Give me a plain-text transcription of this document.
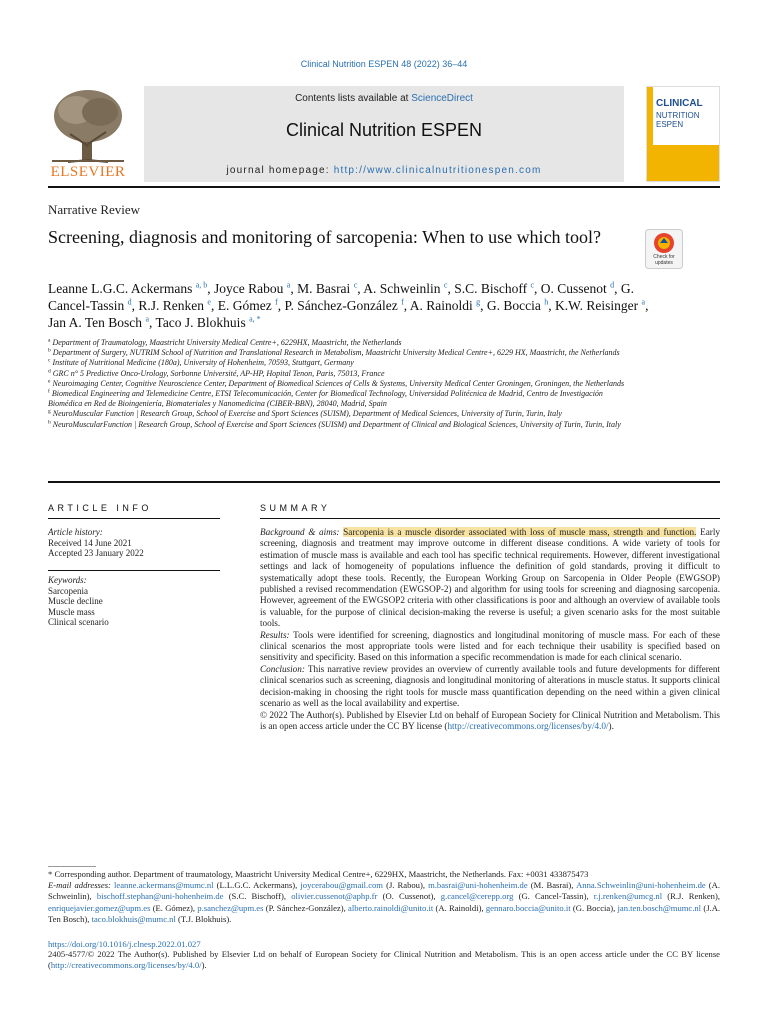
Clinical Nutrition ESPEN 48 (2022) 36–44
ELSEVIER
Contents lists available at ScienceDirect
Clinical Nutrition ESPEN
journal homepage: http://www.clinicalnutritionespen.com
CLINICAL
NUTRITION
ESPEN
Narrative Review
Screening, diagnosis and monitoring of sarcopenia: When to use which tool?
Check for updates
Leanne L.G.C. Ackermans $^{a, b}$, Joyce Rabou $^a$, M. Basrai $^c$, A. Schweinlin $^c$, S.C. Bischoff $^c$, O. Cussenot $^d$, G. Cancel-Tassin $^d$, R.J. Renken $^e$, E. Gómez $^f$, P. Sánchez-González $^f$, A. Rainoldi $^g$, G. Boccia $^h$, K.W. Reisinger $^a$, Jan A. Ten Bosch $^a$, Taco J. Blokhuis $^{a, *}$
$^a$ Department of Traumatology, Maastricht University Medical Centre+, 6229HX, Maastricht, the Netherlands
$^b$ Department of Surgery, NUTRIM School of Nutrition and Translational Research in Metabolism, Maastricht University Medical Centre+, 6229 HX, Maastricht, the Netherlands
$^c$ Institute of Nutritional Medicine (180a), University of Hohenheim, 70593, Stuttgart, Germany
$^d$ GRC n° 5 Predictive Onco-Urology, Sorbonne Université, AP-HP, Hopital Tenon, Paris, 75013, France
$^e$ Neuroimaging Center, Cognitive Neuroscience Center, Department of Biomedical Sciences of Cells & Systems, University Medical Center Groningen, Groningen, the Netherlands
$^f$ Biomedical Engineering and Telemedicine Centre, ETSI Telecomunicación, Center for Biomedical Technology, Universidad Politécnica de Madrid, Centro de Investigación Biomédica en Red de Bioingeniería, Biomateriales y Nanomedicina (CIBER-BBN), 28040, Madrid, Spain
$^g$ NeuroMuscular Function | Research Group, School of Exercise and Sport Sciences (SUISM), Department of Medical Sciences, University of Turin, Turin, Italy
$^h$ NeuroMuscularFunction | Research Group, School of Exercise and Sport Sciences (SUISM) and Department of Clinical and Biological Sciences, University of Turin, Turin, Italy
ARTICLE INFO	SUMMARY
Article history:
Received 14 June 2021
Accepted 23 January 2022
Keywords:
Sarcopenia
Muscle decline
Muscle mass
Clinical scenario

Background & aims: Sarcopenia is a muscle disorder associated with loss of muscle mass, strength and function. Early screening, diagnosis and treatment may improve outcome in different disease conditions. A wide variety of tools for estimation of muscle mass is available and each tool has specific technical requirements. However, different investigational settings and lack of homogeneity of populations influence the definition of gold standards, proving it difficult to systematically adopt these tools. Recently, the European Working Group on Sarcopenia in Older People (EWGSOP) published a revised recommendation (EWGSOP-2) and algorithm for using tools for screening and diagnosing sarcopenia. However, agreement of the EWGSOP2 criteria with other classifications is poor and although an overview of available tools is valuable, for the purpose of clinical decision-making the reverse is useful; a given scenario asks for the most suitable tools.

Results: Tools were identified for screening, diagnostics and longitudinal monitoring of muscle mass. For each of these clinical scenarios the most appropriate tools were listed and for each technique their usability is specified based on sensitivity and specificity. Based on this information a specific recommendation is made for each clinical scenario.

Conclusion: This narrative review provides an overview of currently available tools and future developments for different clinical scenarios such as screening, diagnosis and longitudinal monitoring of alterations in muscle status. It supports clinical decision-making in choosing the right tools for muscle mass quantification depending on the need within a given clinical scenario as well as the local availability and expertise.

© 2022 The Author(s). Published by Elsevier Ltd on behalf of European Society for Clinical Nutrition and Metabolism. This is an open access article under the CC BY license (http://creativecommons.org/licenses/by/4.0/).

* Corresponding author. Department of traumatology, Maastricht University Medical Centre+, 6229HX, Maastricht, the Netherlands. Fax: +0031 433875473
E-mail addresses: leanne.ackermans@mumc.nl (L.L.G.C. Ackermans), joycerabou@gmail.com (J. Rabou), m.basrai@uni-hohenheim.de (M. Basrai), Anna.Schweinlin@uni-hohenheim.de (A. Schweinlin), bischoff.stephan@uni-hohenheim.de (S.C. Bischoff), olivier.cussenot@aphp.fr (O. Cussenot), g.cancel@cerepp.org (G. Cancel-Tassin), r.j.renken@umcg.nl (R.J. Renken), enriquejavier.gomez@upm.es (E. Gómez), p.sanchez@upm.es (P. Sánchez-González), alberto.rainoldi@unito.it (A. Rainoldi), gennaro.boccia@unito.it (G. Boccia), jan.ten.bosch@mumc.nl (J.A. Ten Bosch), taco.blokhuis@mumc.nl (T.J. Blokhuis).
https://doi.org/10.1016/j.clnesp.2022.01.027
2405-4577/© 2022 The Author(s). Published by Elsevier Ltd on behalf of European Society for Clinical Nutrition and Metabolism. This is an open access article under the CC BY license (http://creativecommons.org/licenses/by/4.0/).
